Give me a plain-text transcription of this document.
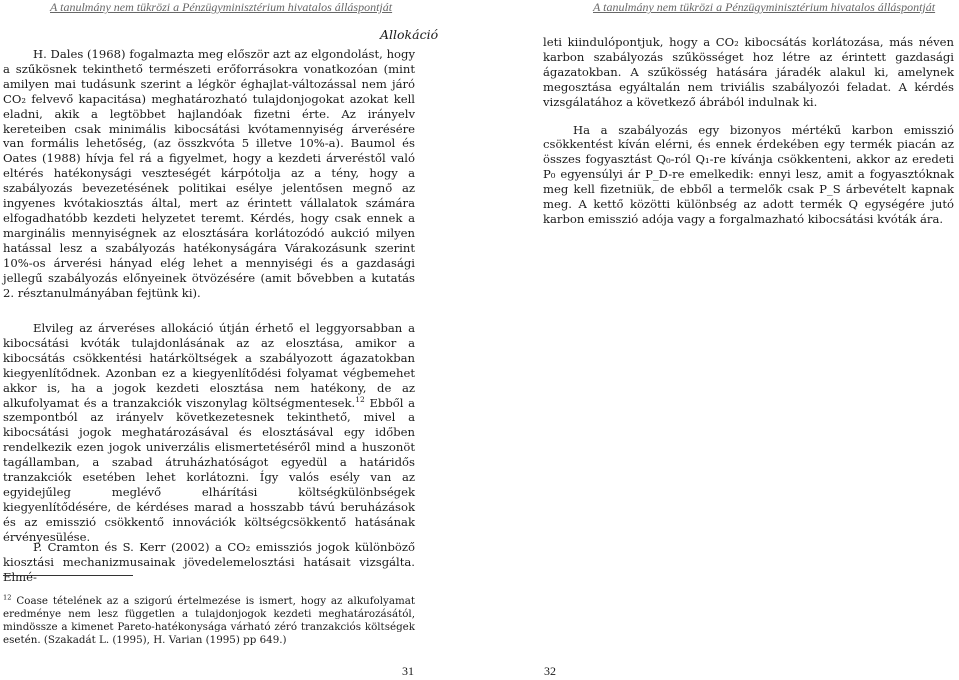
A tanulmány nem tükrözi a Pénzügyminisztérium hivatalos álláspontját	A tanulmány nem tükrözi a Pénzügyminisztérium hivatalos álláspontját
Allokáció

H. Dales (1968) fogalmazta meg először azt az elgondolást, hogy a szűkösnek tekinthető természeti erőforrásokra vonatkozóan (mint amilyen mai tudásunk szerint a légkör éghajlat-változással nem járó CO₂ felvevő kapacitása) meghatározható tulajdonjogokat azokat kell eladni, akik a legtöbbet hajlandóak fizetni érte. Az irányelv kereteiben csak minimális kibocsátási kvótamennyiség árverésére van formális lehetőség, (az összkvóta 5 illetve 10%-a). Baumol és Oates (1988) hívja fel rá a figyelmet, hogy a kezdeti árveréstől való eltérés hatékonysági veszteségét kárpótolja az a tény, hogy a szabályozás bevezetésének politikai esélye jelentősen megnő az ingyenes kvótakiosztás által, mert az érintett vállalatok számára elfogadhatóbb kezdeti helyzetet teremt. Kérdés, hogy csak ennek a marginális mennyiségnek az elosztására korlátozódó aukció milyen hatással lesz a szabályozás hatékonyságára Várakozásunk szerint 10%-os árverési hányad elég lehet a mennyiségi és a gazdasági jellegű szabályozás előnyeinek ötvözésére (amit bővebben a kutatás 2. résztanulmányában fejtünk ki).

Elvileg az árveréses allokáció útján érhető el leggyorsabban a kibocsátási kvóták tulajdonlásának az az elosztása, amikor a kibocsátás csökkentési határköltségek a szabályozott ágazatokban kiegyenlítődnek. Azonban ez a kiegyenlítődési folyamat végbemehet akkor is, ha a jogok kezdeti elosztása nem hatékony, de az alkufolyamat és a tranzakciók viszonylag költségmentesek.$^{12}$ Ebből a szempontból az irányelv következetesnek tekinthető, mivel a kibocsátási jogok meghatározásával és elosztásával egy időben rendelkezik ezen jogok univerzális elismertetéséről mind a huszonöt tagállamban, a szabad átruházhatóságot egyedül a határidős tranzakciók esetében lehet korlátozni. Így valós esély van az egyidejűleg meglévő elhárítási költségkülönbségek kiegyenlítődésére, de kérdéses marad a hosszabb távú beruházások és az emisszió csökkentő innovációk költségcsökkentő hatásának érvényesülése.

P. Cramton és S. Kerr (2002) a CO₂ emissziós jogok különböző kiosztási mechanizmusainak jövedelemelosztási hatásait vizsgálta. Elmé-

$^{12}$ Coase tételének az a szigorú értelmezése is ismert, hogy az alkufolyamat eredménye nem lesz független a tulajdonjogok kezdeti meghatározásától, mindössze a kimenet Pareto-hatékonysága várható zéró tranzakciós költségek esetén. (Szakadát L. (1995), H. Varian (1995) pp 649.)

leti kiindulópontjuk, hogy a CO₂ kibocsátás korlátozása, más néven karbon szabályozás szűkösséget hoz létre az érintett gazdasági ágazatokban. A szűkösség hatására járadék alakul ki, amelynek megosztása egyáltalán nem triviális szabályozói feladat. A kérdés vizsgálatához a következő ábrából indulnak ki.

Ha a szabályozás egy bizonyos mértékű karbon emisszió csökkentést kíván elérni, és ennek érdekében egy termék piacán az összes fogyasztást Q₀-ról Q₁-re kívánja csökkenteni, akkor az eredeti P₀ egyensúlyi ár P_D-re emelkedik: ennyi lesz, amit a fogyasztóknak meg kell fizetniük, de ebből a termelők csak P_S árbevételt kapnak meg. A kettő közötti különbség az adott termék Q egységére jutó karbon emisszió adója vagy a forgalmazható kibocsátási kvóták ára.

31	32
